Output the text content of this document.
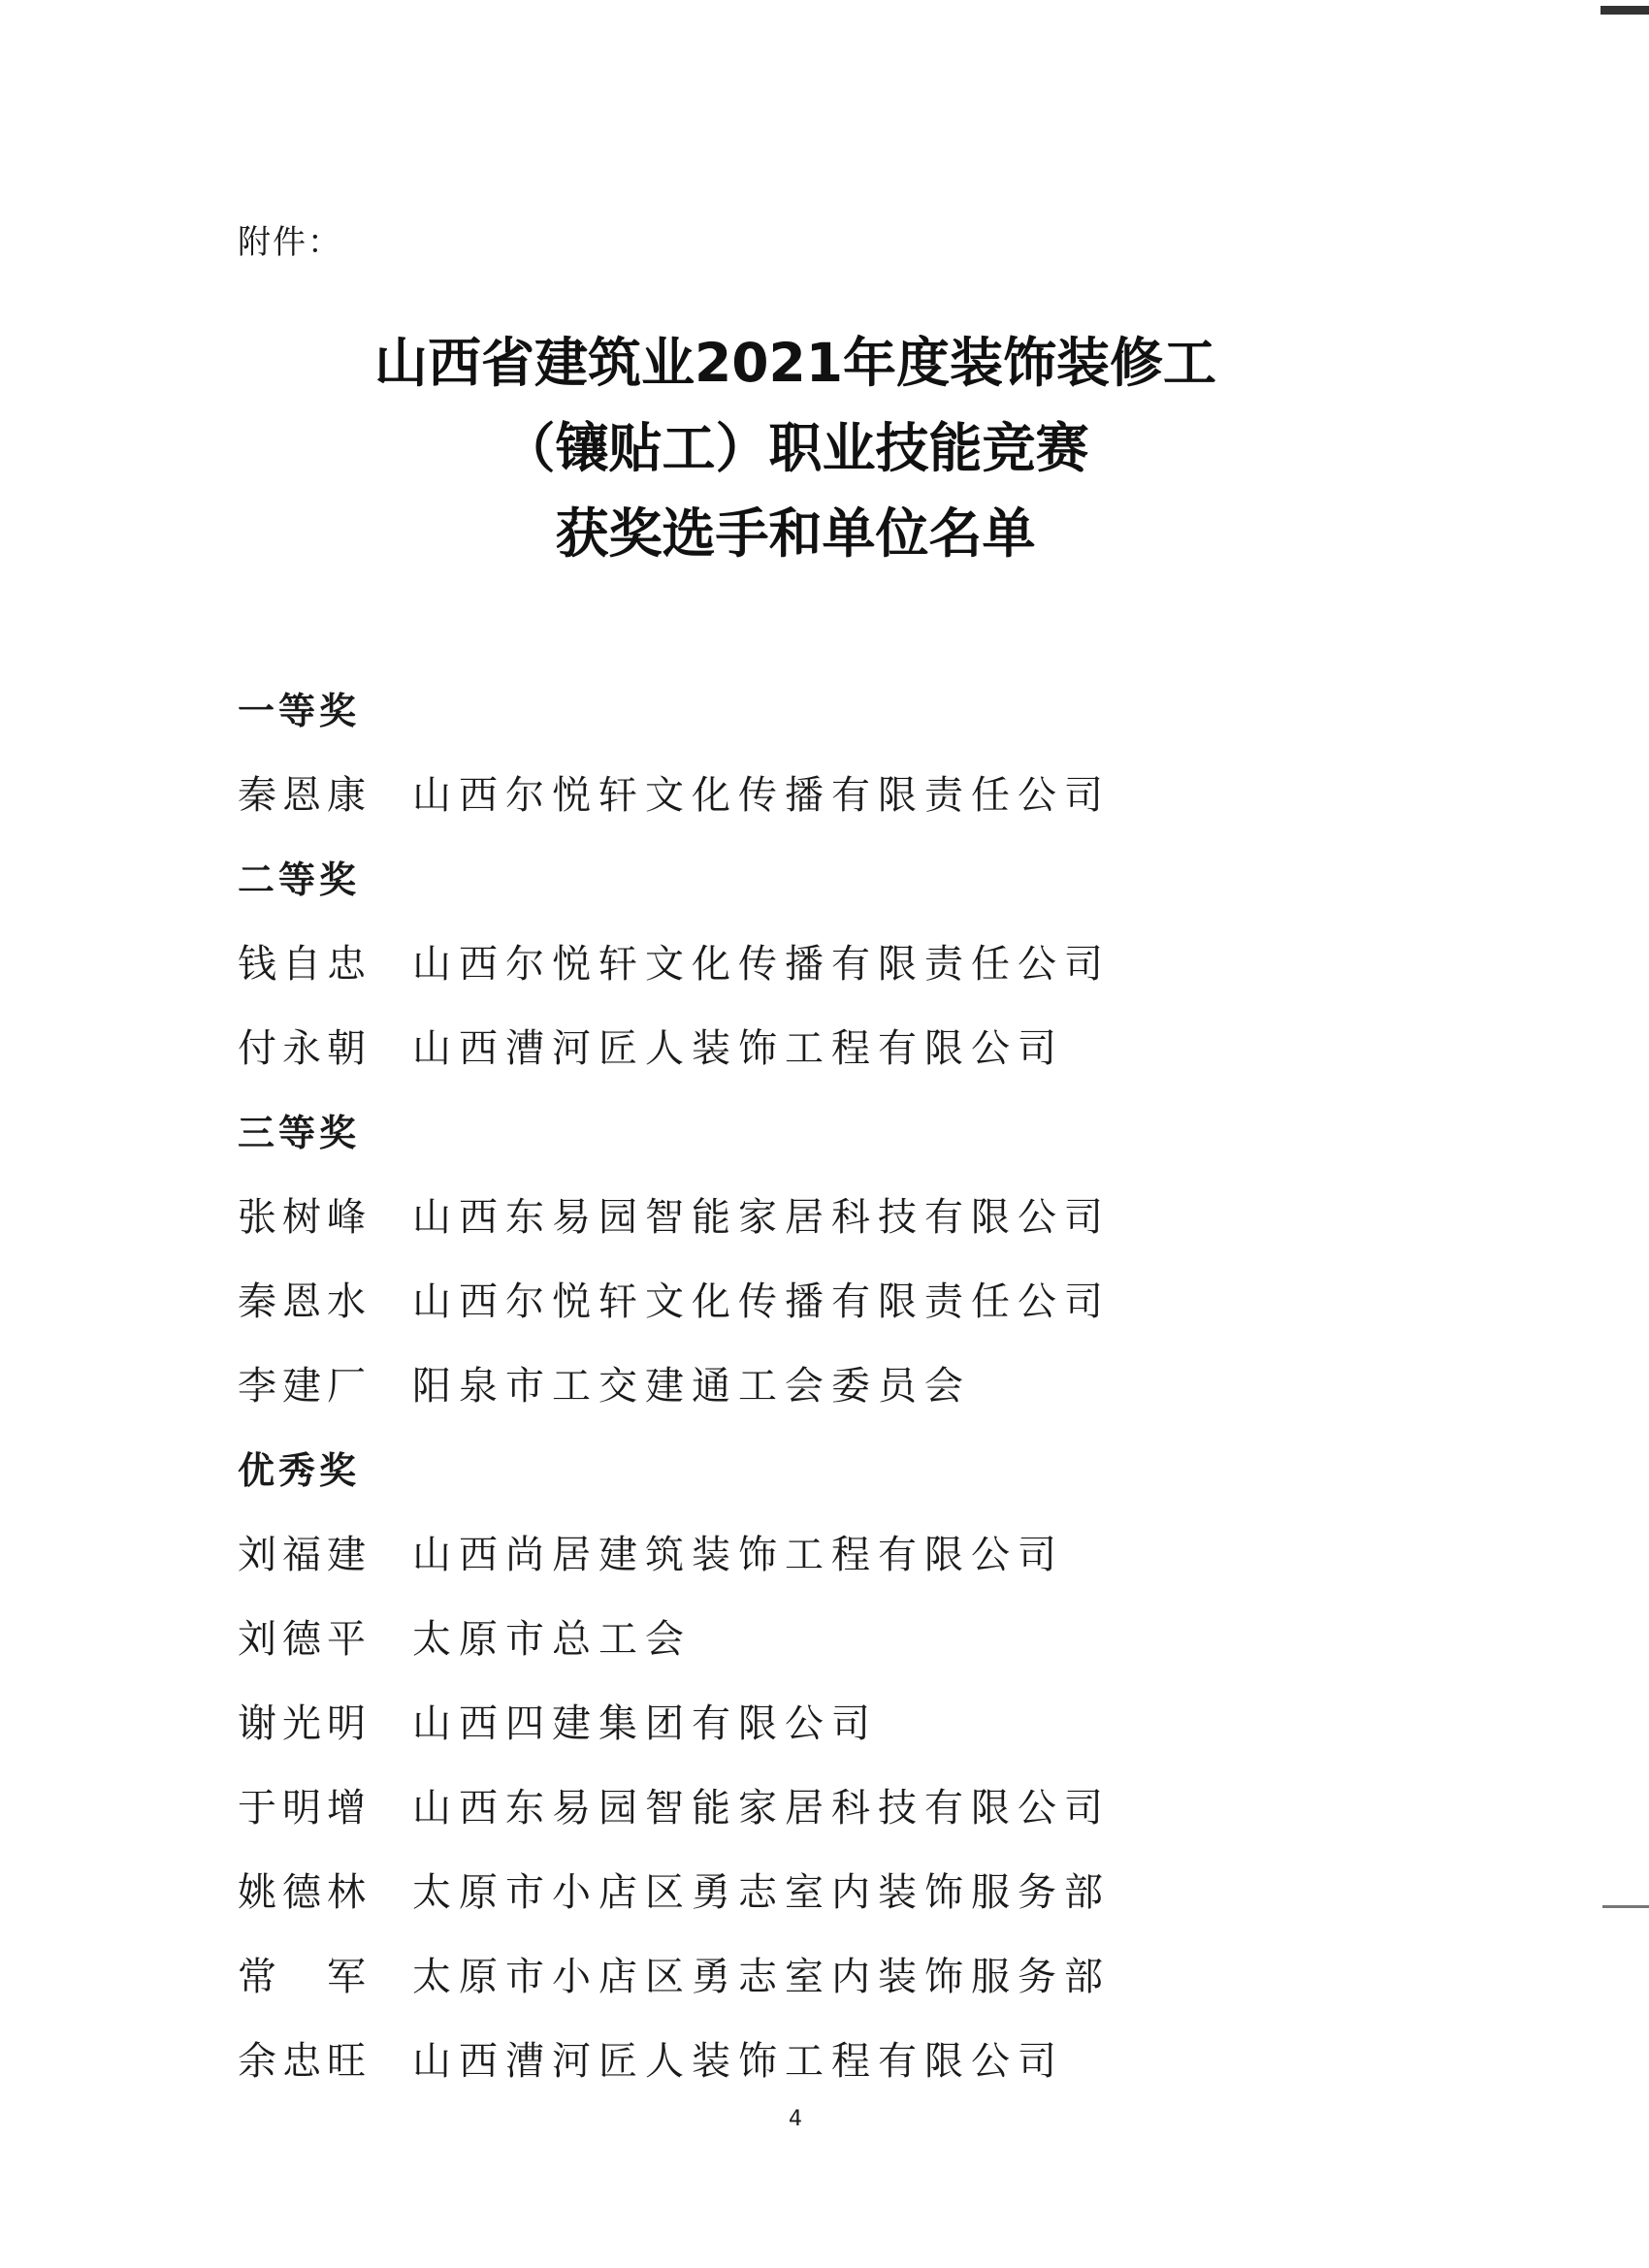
附件：
山西省建筑业2021年度装饰装修工
（镶贴工）职业技能竞赛
获奖选手和单位名单
一等奖
秦 恩 康 山西尔悦轩文化传播有限责任公司
二等奖
钱 自 忠 山西尔悦轩文化传播有限责任公司
付 永 朝 山西漕河匠人装饰工程有限公司
三等奖
张 树 峰 山西东易园智能家居科技有限公司
秦 恩 水 山西尔悦轩文化传播有限责任公司
李 建 厂 阳泉市工交建通工会委员会
优秀奖
刘 福 建 山西尚居建筑装饰工程有限公司
刘 德 平 太原市总工会
谢 光 明 山西四建集团有限公司
于 明 增 山西东易园智能家居科技有限公司
姚 德 林 太原市小店区勇志室内装饰服务部
常 军 太原市小店区勇志室内装饰服务部
余 忠 旺 山西漕河匠人装饰工程有限公司
4
